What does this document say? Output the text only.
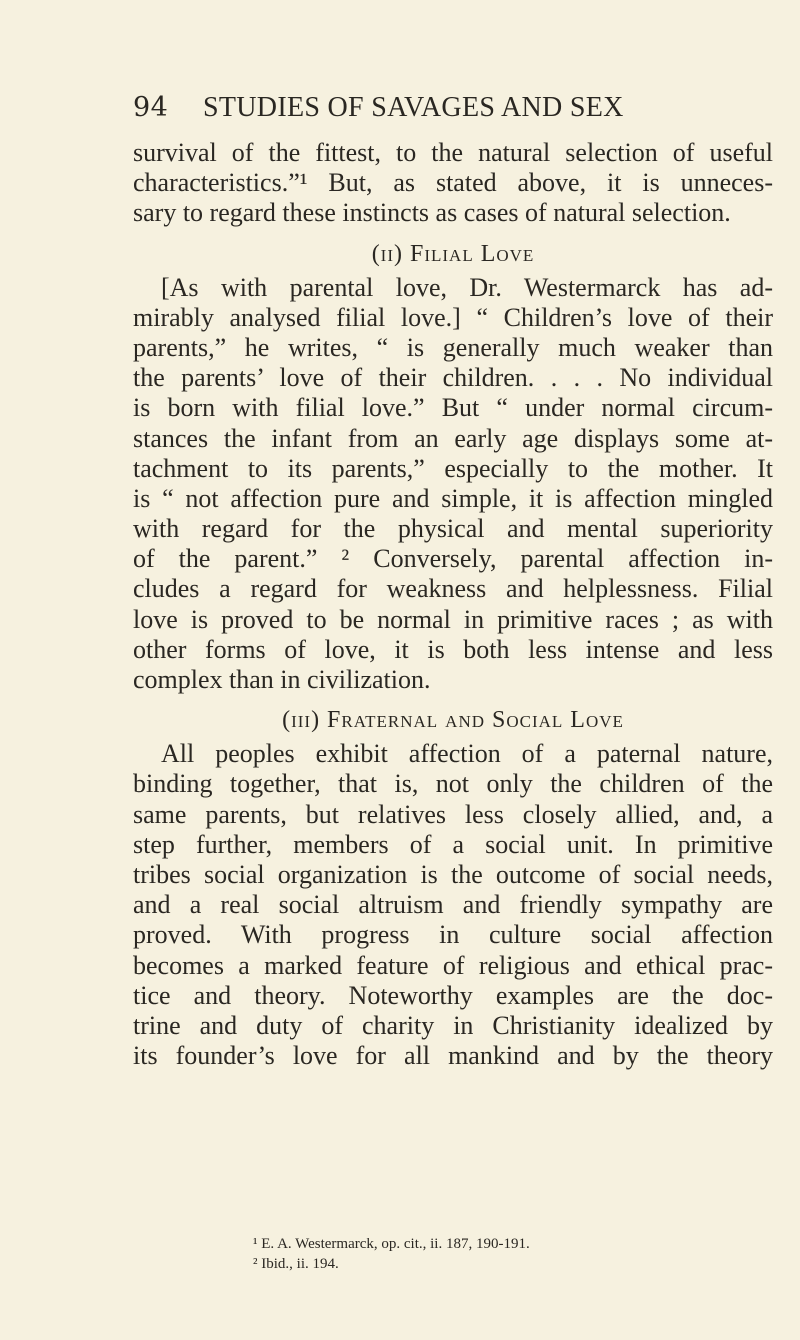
94	STUDIES OF SAVAGES AND SEX
survival of the fittest, to the natural selection of useful
characteristics.”¹ But, as stated above, it is unneces-
sary to regard these instincts as cases of natural selection.
(ii) Filial Love
[As with parental love, Dr. Westermarck has ad-
mirably analysed filial love.] “ Children’s love of their
parents,” he writes, “ is generally much weaker than
the parents’ love of their children. . . . No individual
is born with filial love.” But “ under normal circum-
stances the infant from an early age displays some at-
tachment to its parents,” especially to the mother. It
is “ not affection pure and simple, it is affection mingled
with regard for the physical and mental superiority
of the parent.” ² Conversely, parental affection in-
cludes a regard for weakness and helplessness. Filial
love is proved to be normal in primitive races ; as with
other forms of love, it is both less intense and less
complex than in civilization.
(iii) Fraternal and Social Love
All peoples exhibit affection of a paternal nature,
binding together, that is, not only the children of the
same parents, but relatives less closely allied, and, a
step further, members of a social unit. In primitive
tribes social organization is the outcome of social needs,
and a real social altruism and friendly sympathy are
proved. With progress in culture social affection
becomes a marked feature of religious and ethical prac-
tice and theory. Noteworthy examples are the doc-
trine and duty of charity in Christianity idealized by
its founder’s love for all mankind and by the theory
¹ E. A. Westermarck, op. cit., ii. 187, 190-191.
² Ibid., ii. 194.
